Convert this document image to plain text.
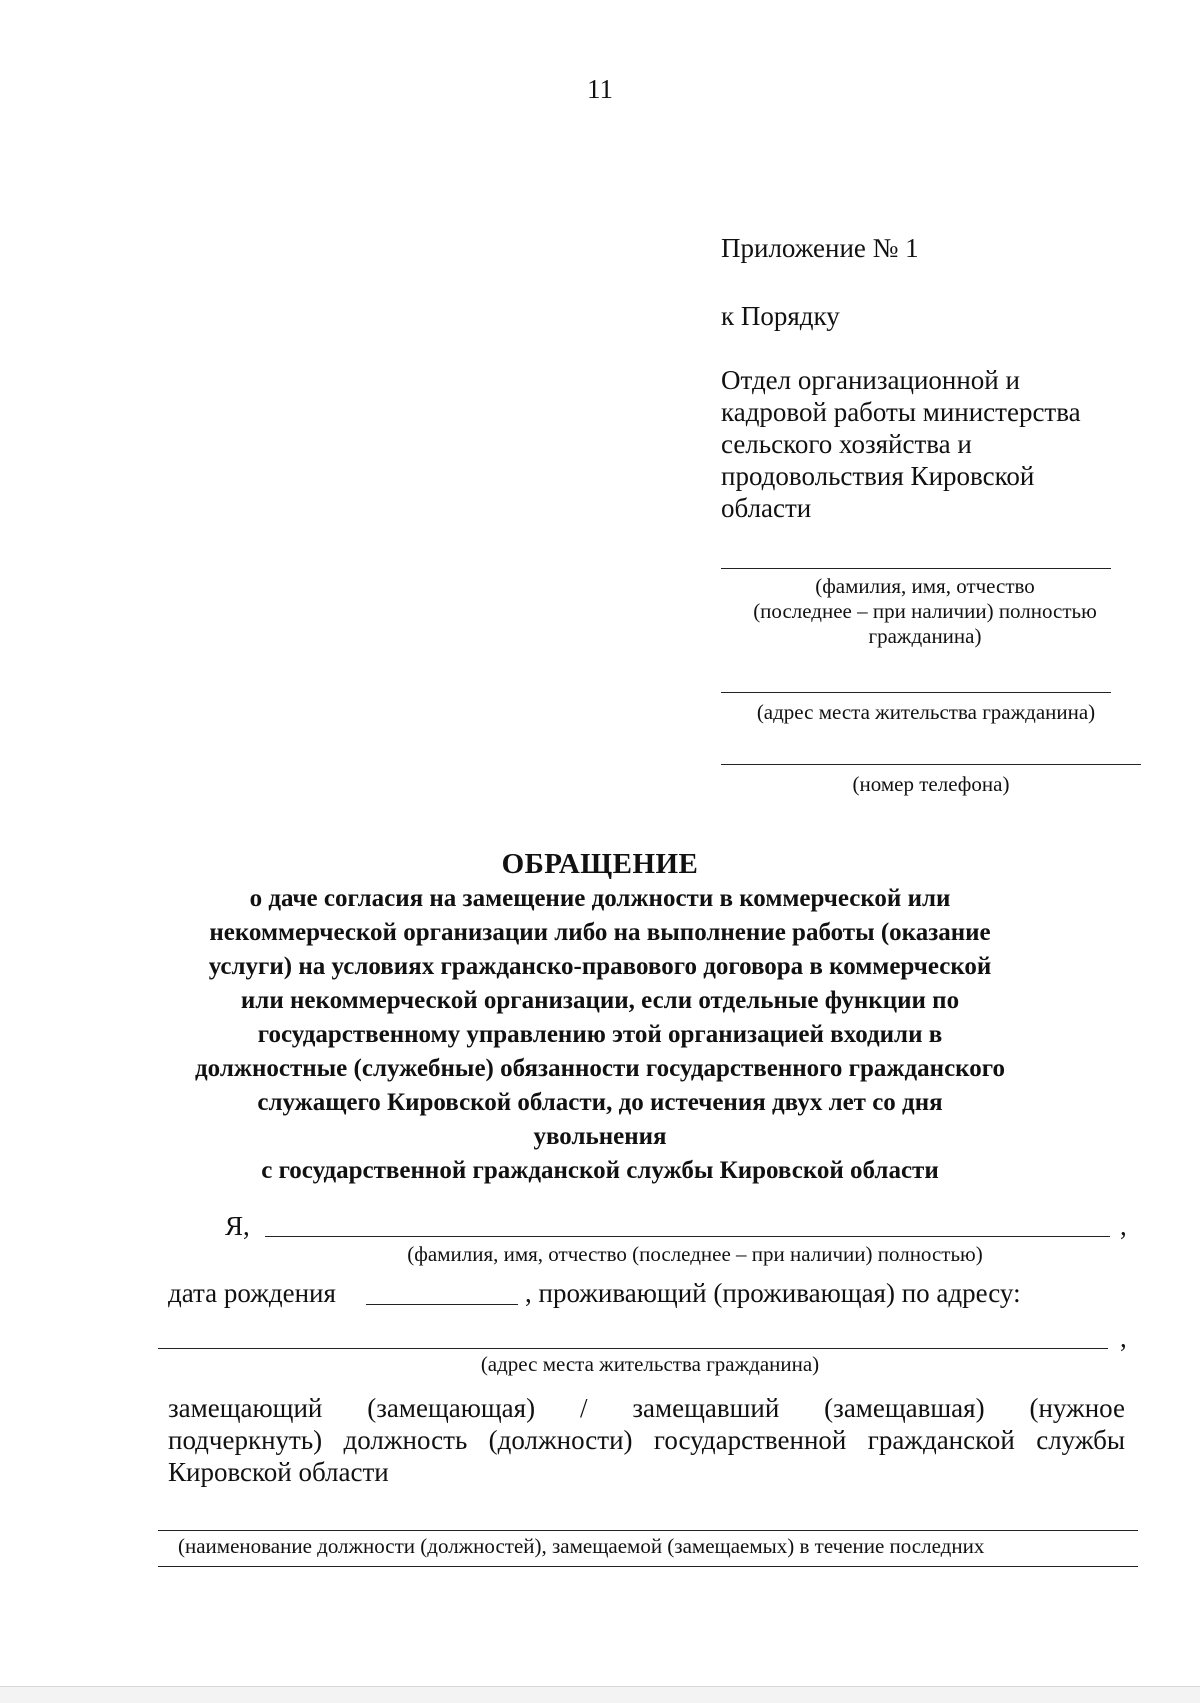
11
Приложение № 1
к Порядку
Отдел организационной и
кадровой работы министерства
сельского хозяйства и
продовольствия Кировской
области
(фамилия, имя, отчество
(последнее – при наличии) полностью
гражданина)
(адрес места жительства гражданина)
(номер телефона)
ОБРАЩЕНИЕ
о даче согласия на замещение должности в коммерческой или
некоммерческой организации либо на выполнение работы (оказание
услуги) на условиях гражданско-правового договора в коммерческой
или некоммерческой организации, если отдельные функции по
государственному управлению этой организацией входили в
должностные (служебные) обязанности государственного гражданского
служащего Кировской области, до истечения двух лет со дня
увольнения
с государственной гражданской службы Кировской области
Я,	,
(фамилия, имя, отчество (последнее – при наличии) полностью)
дата рождения	, проживающий (проживающая) по адресу:
,
(адрес места жительства гражданина)
замещающий (замещающая) / замещавший (замещавшая) (нужное
подчеркнуть) должность (должности) государственной гражданской службы
Кировской области
(наименование должности (должностей), замещаемой (замещаемых) в течение последних
